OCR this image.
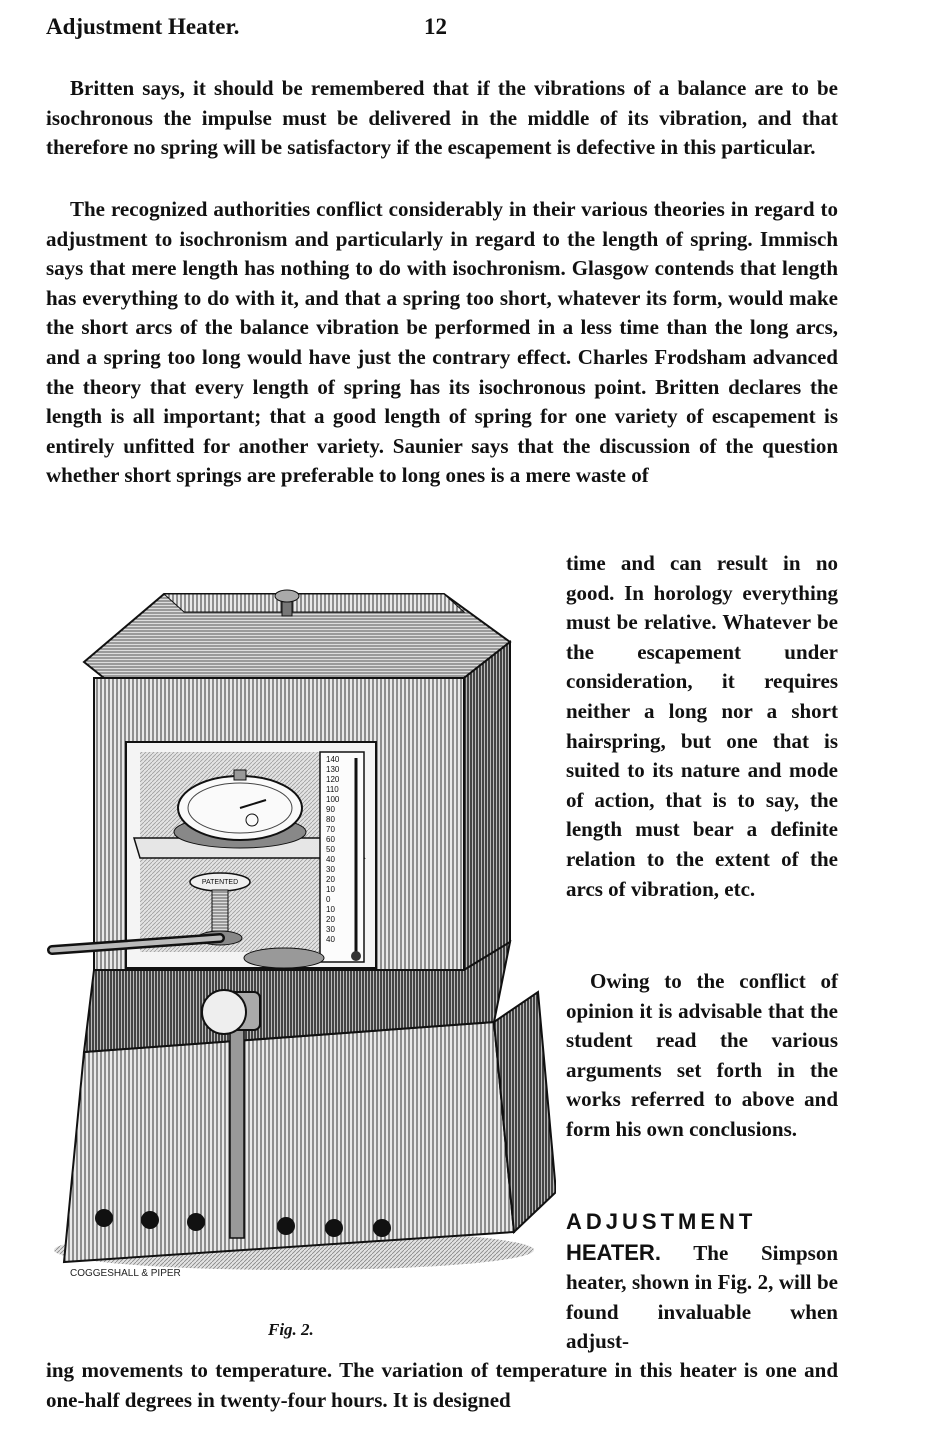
Adjustment Heater.	12

Britten says, it should be remembered that if the vibrations of a balance are to be isochronous the impulse must be delivered in the middle of its vibration, and that therefore no spring will be satisfactory if the escapement is defective in this particular.

The recognized authorities conflict considerably in their various theories in regard to adjustment to isochronism and particularly in regard to the length of spring. Immisch says that mere length has nothing to do with isochronism. Glasgow contends that length has everything to do with it, and that a spring too short, whatever its form, would make the short arcs of the balance vibration be performed in a less time than the long arcs, and a spring too long would have just the contrary effect. Charles Frodsham advanced the theory that every length of spring has its isochronous point. Britten declares the length is all important; that a good length of spring for one variety of escapement is entirely unfitted for another variety. Saunier says that the discussion of the question whether short springs are preferable to long ones is a mere waste of

time and can result in no good. In horology everything must be relative. Whatever be the escapement under consideration, it requires neither a long nor a short hairspring, but one that is suited to its nature and mode of action, that is to say, the length must bear a definite relation to the extent of the arcs of vibration, etc.

Owing to the conflict of opinion it is advisable that the student read the various arguments set forth in the works referred to above and form his own conclusions.

ADJUSTMENT
HEATER. The Simpson heater, shown in Fig. 2, will be found invaluable when adjust-

ing movements to temperature. The variation of temperature in this heater is one and one-half degrees in twenty-four hours. It is designed

140
130
120
110
100
90
80
70
60
50
40
30
20
10
0
10
20
30
40
PATENTED
COGGESHALL & PIPER
Fig. 2.
